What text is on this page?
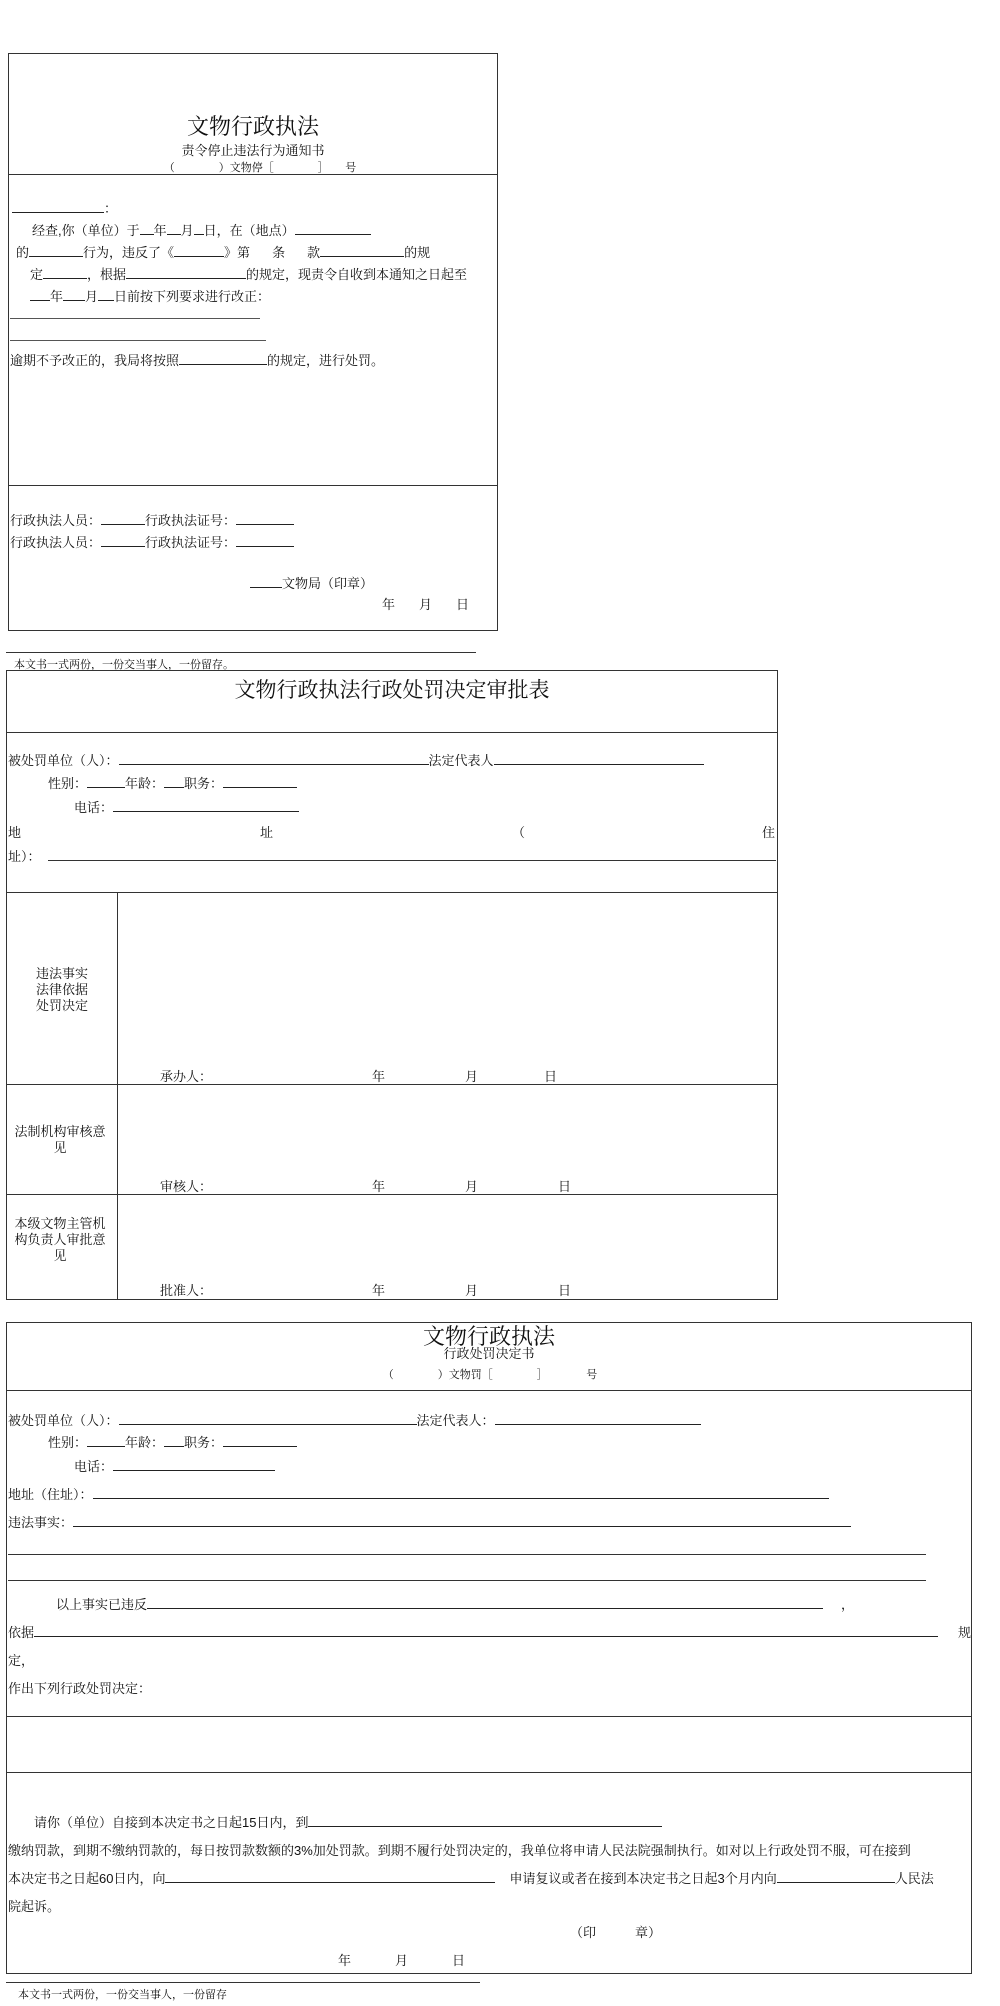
文物行政执法
责令停止违法行为通知书
（　　　　）文物停［　　　　］　　号
：
经查,你（单位）于 年 月 日，在（地点）
的	行为，违反了《	》第 条 款	的规
定	，根据	的规定，现责令自收到本通知之日起至
年 月 日前按下列要求进行改正：
逾期不予改正的，我局将按照	的规定，进行处罚。
行政执法人员：	行政执法证号：
行政执法人员：	行政执法证号：
文物局（印章）
年 月 日
本文书一式两份，一份交当事人，一份留存。
文物行政执法行政处罚决定审批表
被处罚单位（人）：	法定代表人
性别：	年龄： 职务：
电话：
地	址	（	住
址）：
违法事实法律依据处罚决定
承办人：	年	月	日
法制机构审核意见
审核人：	年	月	日
本级文物主管机构负责人审批意见
批准人：	年	月	日
文物行政执法
行政处罚决定书
（　　　　）文物罚［　　　　］　　　　号
被处罚单位（人）：	法定代表人：
性别：	年龄： 职务：
电话：
地址（住址）：
违法事实：
以上事实已违反	，
依据	规
定，
作出下列行政处罚决定：
请你（单位）自接到本决定书之日起15日内，到
缴纳罚款，到期不缴纳罚款的，每日按罚款数额的3%加处罚款。到期不履行处罚决定的，我单位将申请人民法院强制执行。如对以上行政处罚不服，可在接到
本决定书之日起60日内，向	申请复议或者在接到本决定书之日起3个月内向	人民法
院起诉。
（印　　　章）
年	月	日
本文书一式两份，一份交当事人，一份留存
